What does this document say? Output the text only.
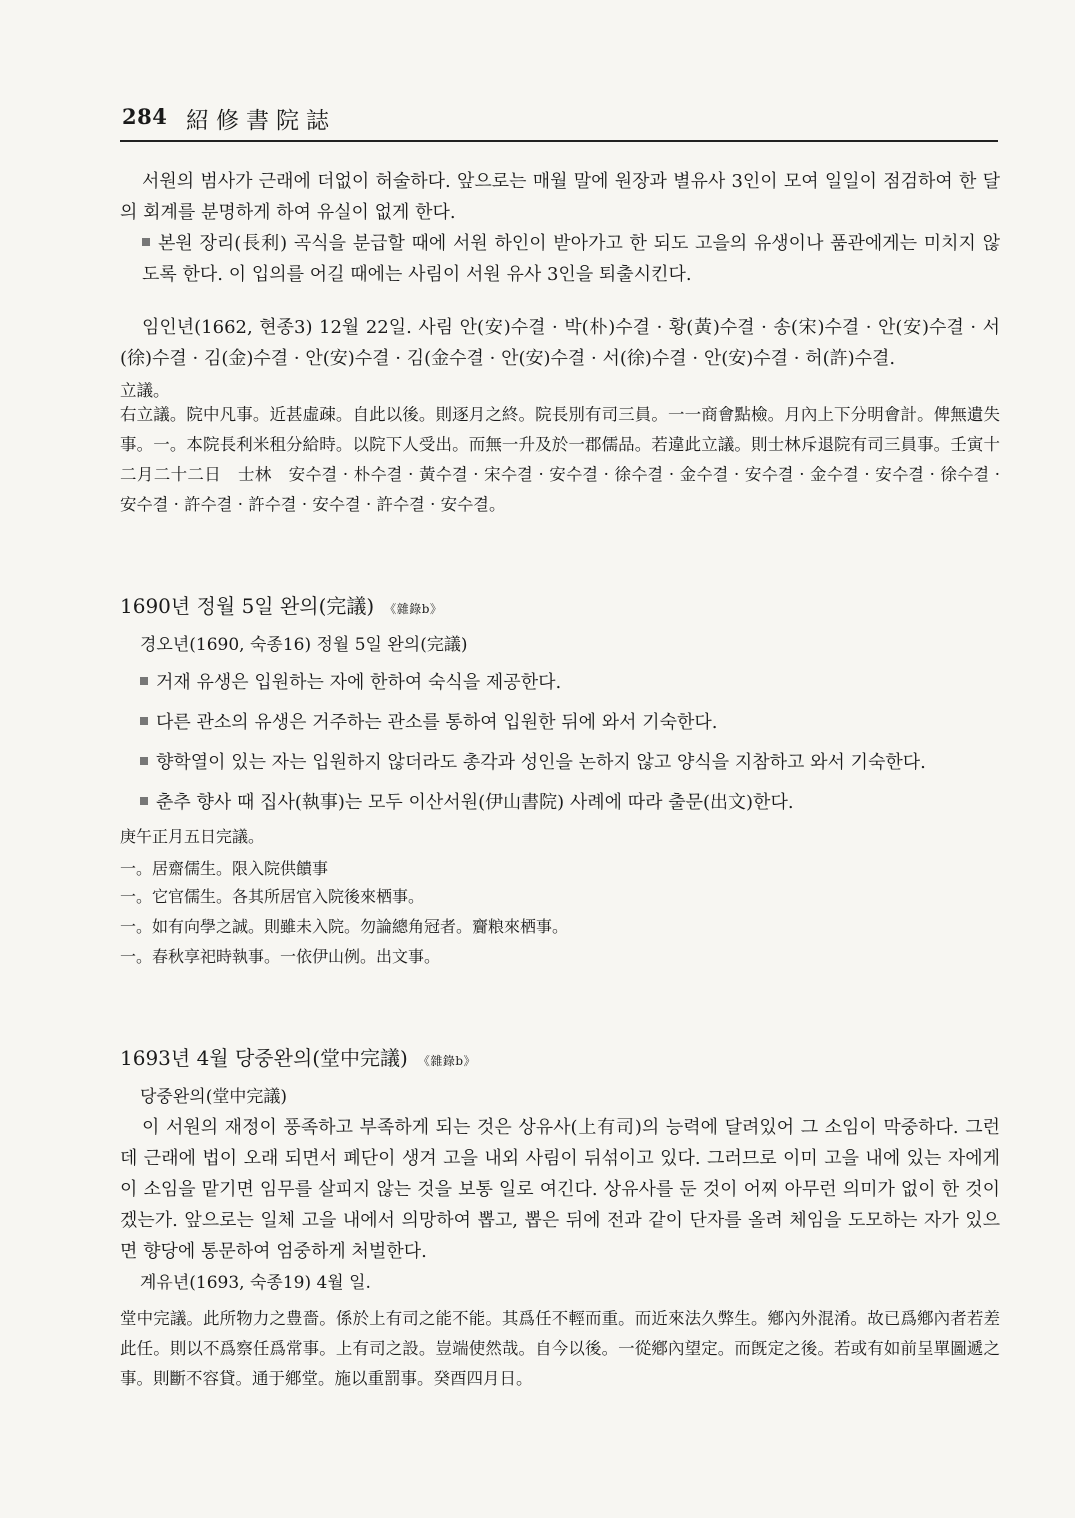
284 紹修書院誌
서원의 범사가 근래에 더없이 허술하다. 앞으로는 매월 말에 원장과 별유사 3인이 모여 일일이 점검하여 한 달의 회계를 분명하게 하여 유실이 없게 한다.
본원 장리(長利) 곡식을 분급할 때에 서원 하인이 받아가고 한 되도 고을의 유생이나 품관에게는 미치지 않도록 한다. 이 입의를 어길 때에는 사림이 서원 유사 3인을 퇴출시킨다.
임인년(1662, 현종3) 12월 22일. 사림 안(安)수결 · 박(朴)수결 · 황(黃)수결 · 송(宋)수결 · 안(安)수결 · 서(徐)수결 · 김(金)수결 · 안(安)수결 · 김(金수결 · 안(安)수결 · 서(徐)수결 · 안(安)수결 · 허(許)수결.
立議。
右立議。院中凡事。近甚虛疎。自此以後。則逐月之終。院長別有司三員。一一商會點檢。月內上下分明會計。俾無遺失事。一。本院長利米租分給時。以院下人受出。而無一升及於一郡儒品。若違此立議。則士林斥退院有司三員事。壬寅十二月二十二日　士林　安수결 · 朴수결 · 黃수결 · 宋수결 · 安수결 · 徐수결 · 金수결 · 安수결 · 金수결 · 安수결 · 徐수결 · 安수결 · 許수결 · 許수결 · 安수결 · 許수결 · 安수결。
1690년 정월 5일 완의(完議) 《雜錄b》
경오년(1690, 숙종16) 정월 5일 완의(完議)
거재 유생은 입원하는 자에 한하여 숙식을 제공한다.
다른 관소의 유생은 거주하는 관소를 통하여 입원한 뒤에 와서 기숙한다.
향학열이 있는 자는 입원하지 않더라도 총각과 성인을 논하지 않고 양식을 지참하고 와서 기숙한다.
춘추 향사 때 집사(執事)는 모두 이산서원(伊山書院) 사례에 따라 출문(出文)한다.
庚午正月五日完議。
一。居齋儒生。限入院供饋事
一。它官儒生。各其所居官入院後來栖事。
一。如有向學之誠。則雖未入院。勿論總角冠者。齎粮來栖事。
一。春秋享祀時執事。一依伊山例。出文事。
1693년 4월 당중완의(堂中完議) 《雜錄b》
당중완의(堂中完議)
이 서원의 재정이 풍족하고 부족하게 되는 것은 상유사(上有司)의 능력에 달려있어 그 소임이 막중하다. 그런데 근래에 법이 오래 되면서 폐단이 생겨 고을 내외 사림이 뒤섞이고 있다. 그러므로 이미 고을 내에 있는 자에게 이 소임을 맡기면 임무를 살피지 않는 것을 보통 일로 여긴다. 상유사를 둔 것이 어찌 아무런 의미가 없이 한 것이겠는가. 앞으로는 일체 고을 내에서 의망하여 뽑고, 뽑은 뒤에 전과 같이 단자를 올려 체임을 도모하는 자가 있으면 향당에 통문하여 엄중하게 처벌한다.
계유년(1693, 숙종19) 4월 일.
堂中完議。此所物力之豊嗇。係於上有司之能不能。其爲任不輕而重。而近來法久弊生。鄕內外混淆。故已爲鄕內者若差此任。則以不爲察任爲常事。上有司之設。豈端使然哉。自今以後。一從鄕內望定。而旣定之後。若或有如前呈單圖遞之事。則斷不容貸。通于鄕堂。施以重罰事。癸酉四月日。
